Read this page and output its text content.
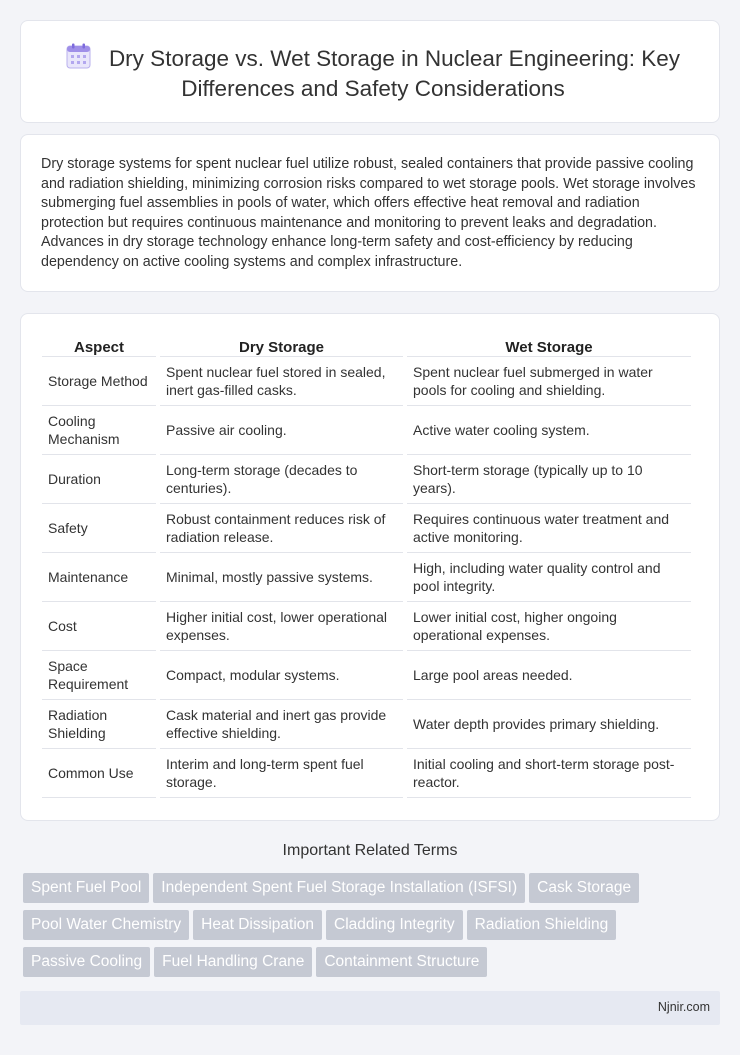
Dry Storage vs. Wet Storage in Nuclear Engineering: Key Differences and Safety Considerations

Dry storage systems for spent nuclear fuel utilize robust, sealed containers that provide passive cooling and radiation shielding, minimizing corrosion risks compared to wet storage pools. Wet storage involves submerging fuel assemblies in pools of water, which offers effective heat removal and radiation protection but requires continuous maintenance and monitoring to prevent leaks and degradation. Advances in dry storage technology enhance long-term safety and cost-efficiency by reducing dependency on active cooling systems and complex infrastructure.

Aspect	Dry Storage	Wet Storage
Storage Method	Spent nuclear fuel stored in sealed, inert gas-filled casks.	Spent nuclear fuel submerged in water pools for cooling and shielding.
Cooling Mechanism	Passive air cooling.	Active water cooling system.
Duration	Long-term storage (decades to centuries).	Short-term storage (typically up to 10 years).
Safety	Robust containment reduces risk of radiation release.	Requires continuous water treatment and active monitoring.
Maintenance	Minimal, mostly passive systems.	High, including water quality control and pool integrity.
Cost	Higher initial cost, lower operational expenses.	Lower initial cost, higher ongoing operational expenses.
Space Requirement	Compact, modular systems.	Large pool areas needed.
Radiation Shielding	Cask material and inert gas provide effective shielding.	Water depth provides primary shielding.
Common Use	Interim and long-term spent fuel storage.	Initial cooling and short-term storage post-reactor.
Important Related Terms
Spent Fuel Pool Independent Spent Fuel Storage Installation (ISFSI) Cask Storage
Pool Water Chemistry Heat Dissipation Cladding Integrity Radiation Shielding
Passive Cooling Fuel Handling Crane Containment Structure
Njnir.com
